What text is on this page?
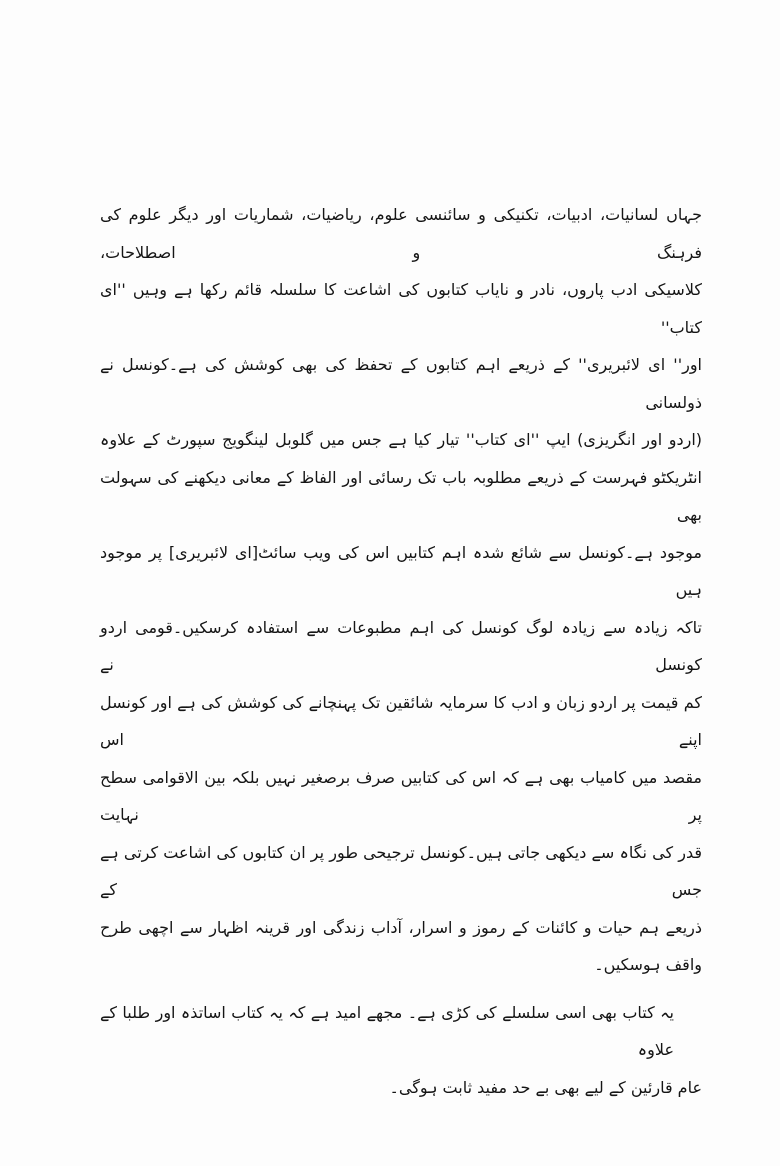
جہاں لسانیات، ادبیات، تکنیکی و سائنسی علوم، ریاضیات، شماریات اور دیگر علوم کی فرہنگ و اصطلاحات،
کلاسیکی ادب پاروں، نادر و نایاب کتابوں کی اشاعت کا سلسلہ قائم رکھا ہے وہیں ''ای کتاب''
اور'' ای لائبریری'' کے ذریعے اہم کتابوں کے تحفظ کی بھی کوشش کی ہے۔کونسل نے ذولسانی
(اردو اور انگریزی) ایپ ''ای کتاب'' تیار کیا ہے جس میں گلوبل لینگویج سپورٹ کے علاوہ
انٹریکٹو فہرست کے ذریعے مطلوبہ باب تک رسائی اور الفاظ کے معانی دیکھنے کی سہولت بھی
موجود ہے۔کونسل سے شائع شدہ اہم کتابیں اس کی ویب سائٹ[ای لائبریری] پر موجود ہیں
تاکہ زیادہ سے زیادہ لوگ کونسل کی اہم مطبوعات سے استفادہ کرسکیں۔قومی اردو کونسل نے
کم قیمت پر اردو زبان و ادب کا سرمایہ شائقین تک پہنچانے کی کوشش کی ہے اور کونسل اپنے اس
مقصد میں کامیاب بھی ہے کہ اس کی کتابیں صرف برصغیر نہیں بلکہ بین الاقوامی سطح پر نہایت
قدر کی نگاہ سے دیکھی جاتی ہیں۔کونسل ترجیحی طور پر ان کتابوں کی اشاعت کرتی ہے جس کے
ذریعے ہم حیات و کائنات کے رموز و اسرار، آداب زندگی اور قرینہ اظہار سے اچھی طرح
واقف ہوسکیں۔
یہ کتاب بھی اسی سلسلے کی کڑی ہے۔ مجھے امید ہے کہ یہ کتاب اساتذہ اور طلبا کے علاوہ
عام قارئین کے لیے بھی بے حد مفید ثابت ہوگی۔
